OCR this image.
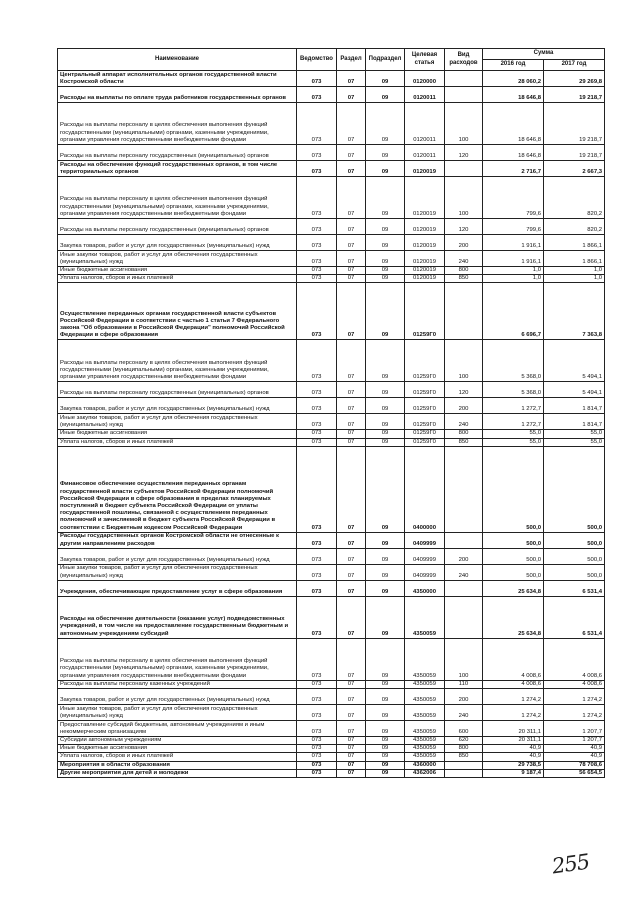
Наименование	Ведомство	Раздел	Подраздел	Целевая статья	Вид расходов	Сумма	
						2016 год	2017 год
Центральный аппарат исполнительных органов государственной власти Костромской области	073	07	09	0120000		28 060,2	29 269,8
Расходы на выплаты по оплате труда работников государственных органов	073	07	09	0120011		18 646,8	19 218,7
Расходы на выплаты персоналу в целях обеспечения выполнения функций государственными (муниципальными) органами, казенными учреждениями, органами управления государственными внебюджетными фондами	073	07	09	0120011	100	18 646,8	19 218,7
Расходы на выплаты персоналу государственных (муниципальных) органов	073	07	09	0120011	120	18 646,8	19 218,7
Расходы на обеспечение функций государственных органов, в том числе территориальных органов	073	07	09	0120019		2 716,7	2 667,3
Расходы на выплаты персоналу в целях обеспечения выполнения функций государственными (муниципальными) органами, казенными учреждениями, органами управления государственными внебюджетными фондами	073	07	09	0120019	100	799,6	820,2
Расходы на выплаты персоналу государственных (муниципальных) органов	073	07	09	0120019	120	799,6	820,2
Закупка товаров, работ и услуг для государственных (муниципальных) нужд	073	07	09	0120019	200	1 916,1	1 866,1
Иные закупки товаров, работ и услуг для обеспечения государственных (муниципальных) нужд	073	07	09	0120019	240	1 916,1	1 866,1
Иные бюджетные ассигнования	073	07	09	0120019	800	1,0	1,0
Уплата налогов, сборов и иных платежей	073	07	09	0120019	850	1,0	1,0
Осуществление переданных органам государственной власти субъектов Российской Федерации в соответствии с частью 1 статьи 7 Федерального закона "Об образовании в Российской Федерации" полномочий Российской Федерации в сфере образования	073	07	09	01259Г0		6 696,7	7 363,8
Расходы на выплаты персоналу в целях обеспечения выполнения функций государственными (муниципальными) органами, казенными учреждениями, органами управления государственными внебюджетными фондами	073	07	09	01259Г0	100	5 368,0	5 494,1
Расходы на выплаты персоналу государственных (муниципальных) органов	073	07	09	01259Г0	120	5 368,0	5 494,1
Закупка товаров, работ и услуг для государственных (муниципальных) нужд	073	07	09	01259Г0	200	1 272,7	1 814,7
Иные закупки товаров, работ и услуг для обеспечения государственных (муниципальных) нужд	073	07	09	01259Г0	240	1 272,7	1 814,7
Иные бюджетные ассигнования	073	07	09	01259Г0	800	55,0	55,0
Уплата налогов, сборов и иных платежей	073	07	09	01259Г0	850	55,0	55,0
Финансовое обеспечение осуществления переданных органам государственной власти субъектов Российской Федерации полномочий Российской Федерации в сфере образования в пределах планируемых поступлений в бюджет субъекта Российской Федерации от уплаты государственной пошлины, связанной с осуществлением переданных полномочий и зачисляемой в бюджет субъекта Российской Федерации в соответствии с Бюджетным кодексом Российской Федерации	073	07	09	0400000		500,0	500,0
Расходы государственных органов Костромской области не отнесенные к другим направлениям расходов	073	07	09	0409999		500,0	500,0
Закупка товаров, работ и услуг для государственных (муниципальных) нужд	073	07	09	0409999	200	500,0	500,0
Иные закупки товаров, работ и услуг для обеспечения государственных (муниципальных) нужд	073	07	09	0409999	240	500,0	500,0
Учреждения, обеспечивающие предоставление услуг в сфере образования	073	07	09	4350000		25 634,8	6 531,4
Расходы на обеспечение деятельности (оказание услуг) подведомственных учреждений, в том числе на предоставление государственным бюджетным и автономным учреждениям субсидий	073	07	09	4350059		25 634,8	6 531,4
Расходы на выплаты персоналу в целях обеспечения выполнения функций государственными (муниципальными) органами, казенными учреждениями, органами управления государственными внебюджетными фондами	073	07	09	4350059	100	4 008,6	4 008,6
Расходы на выплаты персоналу казенных учреждений	073	07	09	4350059	110	4 008,6	4 008,6
Закупка товаров, работ и услуг для государственных (муниципальных) нужд	073	07	09	4350059	200	1 274,2	1 274,2
Иные закупки товаров, работ и услуг для обеспечения государственных (муниципальных) нужд	073	07	09	4350059	240	1 274,2	1 274,2
Предоставление субсидий бюджетным, автономным учреждениям и иным некоммерческим организациям	073	07	09	4350059	600	20 311,1	1 207,7
Субсидии автономным учреждениям	073	07	09	4350059	620	20 311,1	1 207,7
Иные бюджетные ассигнования	073	07	09	4350059	800	40,9	40,9
Уплата налогов, сборов и иных платежей	073	07	09	4350059	850	40,9	40,9
Мероприятия в области образования	073	07	09	4360000		29 738,5	78 708,6
Другие мероприятия для детей и молодежи	073	07	09	4362006		9 187,4	56 654,5
255
